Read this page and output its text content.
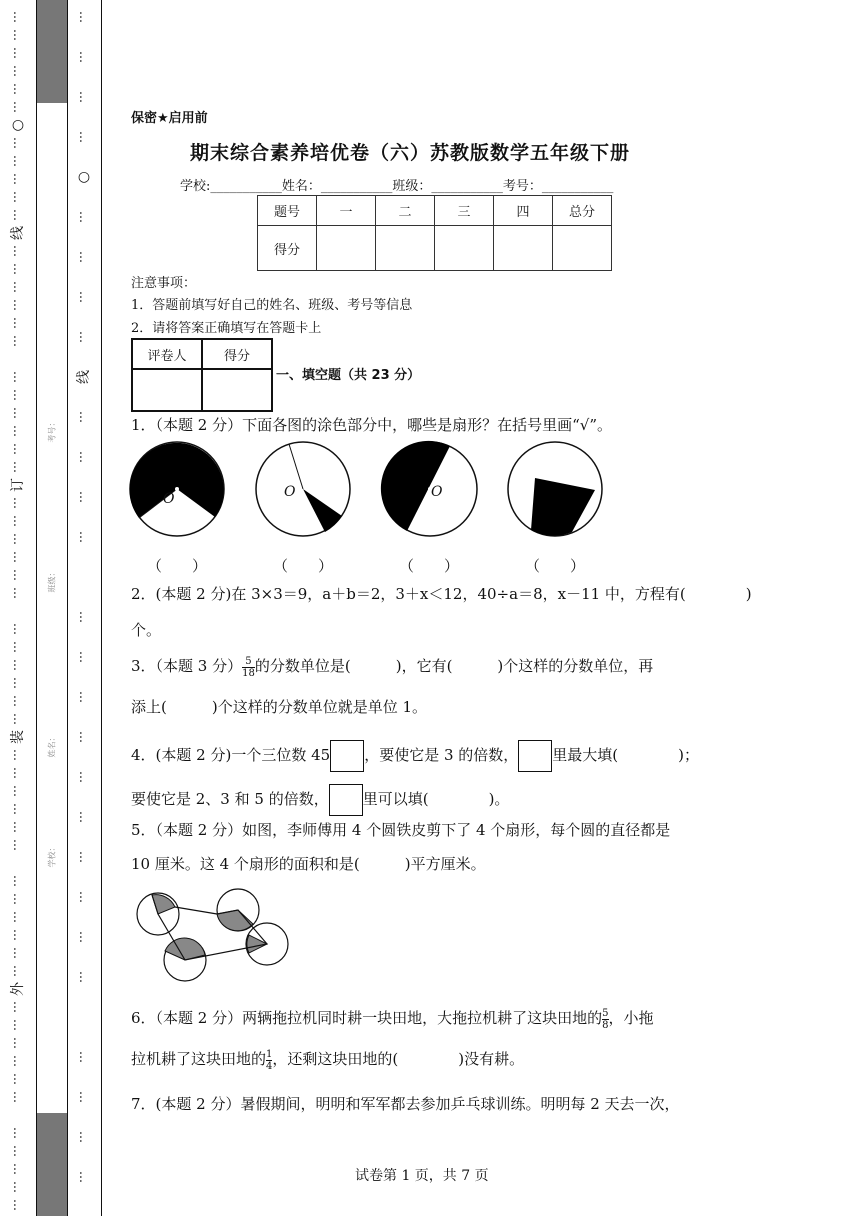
…
…
…
…
…
…
○
…
…
…
…
…
线
…
…
…
…
…
…
…
…
…
…
…
…
订
…
…
…
…
…
…
…
…
…
…
…
…
装
…
…
…
…
…
…
…
…
…
…
…
…
外
…
…
…
…
…
…
…
…
…
…
…
…
…
…
…
○
…
…
…
…
线
…
…
…
…
…
…
…
…
…
…
…
…
…
…
…
…
…
…
考号：
班级：
姓名：
学校：
保密★启用前
期末综合素养培优卷（六）苏教版数学五年级下册
学校:___________姓名：___________班级：___________考号：___________
题号	一	二	三	四	总分
得分					
注意事项：
1．答题前填写好自己的姓名、班级、考号等信息
2．请将答案正确填写在答题卡上
评卷人	得分

一、填空题（共 23 分）
1．（本题 2 分）下面各图的涂色部分中，哪些是扇形？在括号里画“√”。
O	O	O
（　　）	（　　）	（　　）	（　　）
2．(本题 2 分)在 3×3＝9，a＋b＝2，3＋x＜12，40÷a＝8，x－11 中，方程有(　　　　)
个。
3．（本题 3 分） $\frac{5}{18}$ 的分数单位是(　　　)，它有(　　　)个这样的分数单位，再
添上(　　　)个这样的分数单位就是单位 1。
4．(本题 2 分)一个三位数 45 ，要使它是 3 的倍数， 里最大填(　　　　)；
要使它是 2、3 和 5 的倍数， 里可以填(　　　　)。
5．（本题 2 分）如图，李师傅用 4 个圆铁皮剪下了 4 个扇形，每个圆的直径都是
10 厘米。这 4 个扇形的面积和是(　　　)平方厘米。
6．（本题 2 分）两辆拖拉机同时耕一块田地，大拖拉机耕了这块田地的 $\frac{5}{8}$ ，小拖
拉机耕了这块田地的 $\frac{1}{4}$ ，还剩这块田地的(　　　　)没有耕。
7．(本题 2 分）暑假期间，明明和军军都去参加乒乓球训练。明明每 2 天去一次，
试卷第 1 页，共 7 页
